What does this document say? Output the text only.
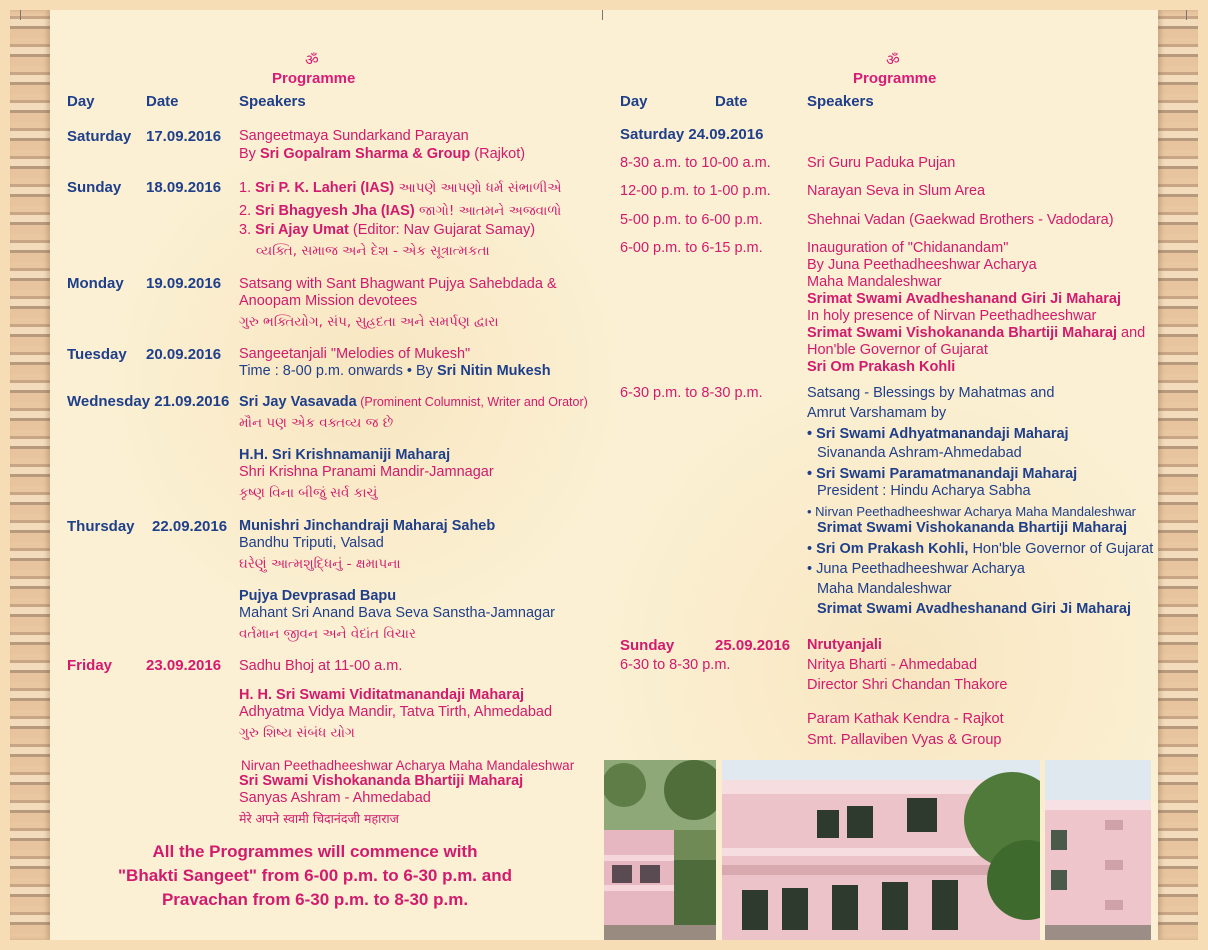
ॐ
Programme
Day	Date	Speakers
Saturday 17.09.2016 Sangeetmaya Sundarkand Parayan
By Sri Gopalram Sharma & Group (Rajkot)
Sunday 18.09.2016 1. Sri P. K. Laheri (IAS) આપણે આપણો ધર્મ સંભાળીએ
2. Sri Bhagyesh Jha (IAS) જાગો! આતમને અજવાળો
3. Sri Ajay Umat (Editor: Nav Gujarat Samay)
વ્યક્તિ, સમાજ અને દેશ - એક સૂત્રાત્મકતા
Monday 19.09.2016 Satsang with Sant Bhagwant Pujya Sahebdada &
Anoopam Mission devotees
ગુરુ ભક્તિયોગ, સંપ, સુહ્રદતા અને સમર્પણ દ્વારા
Tuesday 20.09.2016 Sangeetanjali "Melodies of Mukesh"
Time : 8-00 p.m. onwards • By Sri Nitin Mukesh
Wednesday 21.09.2016 Sri Jay Vasavada (Prominent Columnist, Writer and Orator)
મૌન પણ એક વક્તવ્ય જ છે
H.H. Sri Krishnamaniji Maharaj
Shri Krishna Pranami Mandir-Jamnagar
કૃષ્ણ વિના બીજું સર્વ કાચું
Thursday 22.09.2016 Munishri Jinchandraji Maharaj Saheb
Bandhu Triputi, Valsad
ઘરેણું આત્મશુદ્ધિનું - ક્ષમાપના
Pujya Devprasad Bapu
Mahant Sri Anand Bava Seva Sanstha-Jamnagar
વર્તમાન જીવન અને વેદાંત વિચાર
Friday 23.09.2016 Sadhu Bhoj at 11-00 a.m.
H. H. Sri Swami Viditatmanandaji Maharaj
Adhyatma Vidya Mandir, Tatva Tirth, Ahmedabad
ગુરુ શિષ્ય સંબંધ યોગ
Nirvan Peethadheeshwar Acharya Maha Mandaleshwar
Sri Swami Vishokananda Bhartiji Maharaj
Sanyas Ashram - Ahmedabad
मेरे अपने स्वामी चिदानंदजी महाराज
All the Programmes will commence with
"Bhakti Sangeet" from 6-00 p.m. to 6-30 p.m. and
Pravachan from 6-30 p.m. to 8-30 p.m.
ॐ
Programme
Day	Date	Speakers
Saturday 24.09.2016
8-30 a.m. to 10-00 a.m.	Sri Guru Paduka Pujan
12-00 p.m. to 1-00 p.m.	Narayan Seva in Slum Area
5-00 p.m. to 6-00 p.m.	Shehnai Vadan (Gaekwad Brothers - Vadodara)
6-00 p.m. to 6-15 p.m.	Inauguration of "Chidanandam"
By Juna Peethadheeshwar Acharya
Maha Mandaleshwar
Srimat Swami Avadheshanand Giri Ji Maharaj
In holy presence of Nirvan Peethadheeshwar
Srimat Swami Vishokananda Bhartiji Maharaj and
Hon'ble Governor of Gujarat
Sri Om Prakash Kohli
6-30 p.m. to 8-30 p.m.	Satsang - Blessings by Mahatmas and
Amrut Varshamam by
• Sri Swami Adhyatmanandaji Maharaj
Sivananda Ashram-Ahmedabad
• Sri Swami Paramatmanandaji Maharaj
President : Hindu Acharya Sabha
• Nirvan Peethadheeshwar Acharya Maha Mandaleshwar
Srimat Swami Vishokananda Bhartiji Maharaj
• Sri Om Prakash Kohli, Hon'ble Governor of Gujarat
• Juna Peethadheeshwar Acharya
Maha Mandaleshwar
Srimat Swami Avadheshanand Giri Ji Maharaj
Sunday	25.09.2016 Nrutyanjali
6-30 to 8-30 p.m.	Nritya Bharti - Ahmedabad
Director Shri Chandan Thakore
Param Kathak Kendra - Rajkot
Smt. Pallaviben Vyas & Group
